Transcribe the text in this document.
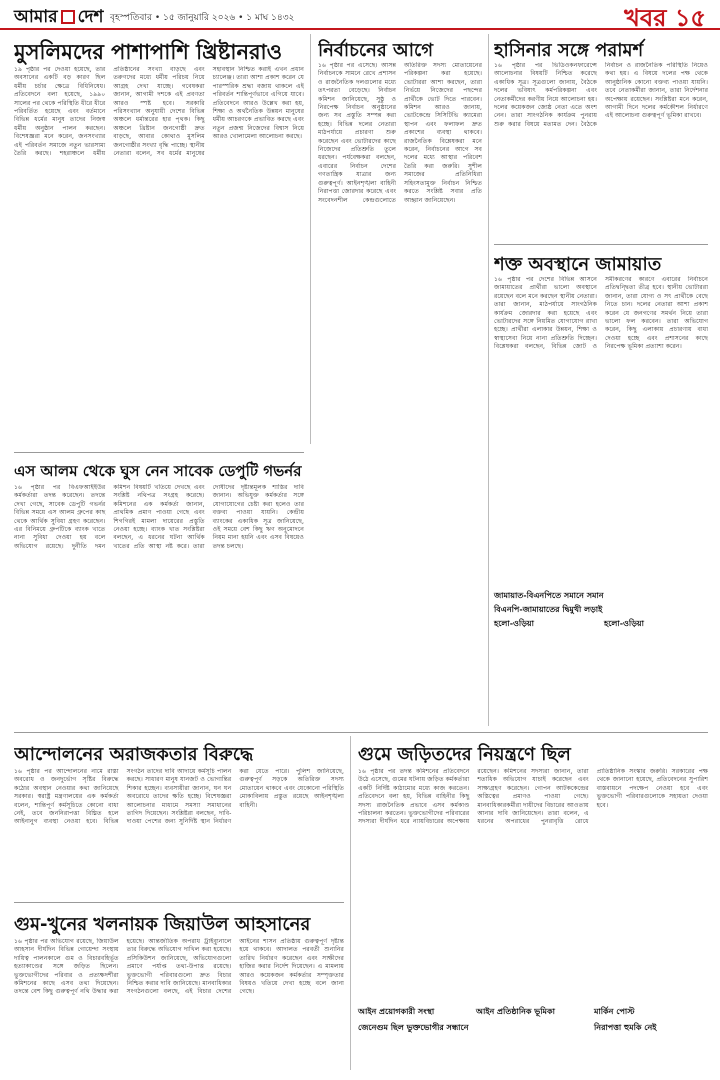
আমার দেশ বৃহস্পতিবার • ১৫ জানুয়ারি ২০২৬ • ১ মাঘ ১৪৩২	খবর ১৫
মুসলিমদের পাশাপাশি খ্রিষ্টানরাও
১৯ পৃষ্ঠার পর দেওয়া হয়েছে, তার অবসানের একটি বড় কারণ ছিল ধর্মীয় চর্চার ক্ষেত্রে বিধিনিষেধ। প্রতিবেদনে বলা হয়েছে, ১৯৯০ সালের পর থেকে পরিস্থিতি ধীরে ধীরে পরিবর্তিত হয়েছে এবং বর্তমানে বিভিন্ন ধর্মের মানুষ তাদের নিজস্ব ধর্মীয় অনুষ্ঠান পালন করছেন। বিশেষজ্ঞরা মনে করেন, জনসংখ্যার এই পরিবর্তন সমাজে নতুন ভারসাম্য তৈরি করছে। শহরাঞ্চলে ধর্মীয় প্রতিষ্ঠানের সংখ্যা বাড়ছে এবং তরুণদের মধ্যে ধর্মীয় পরিচয় নিয়ে আগ্রহ দেখা যাচ্ছে। গবেষকরা জানান, আগামী দশকে এই প্রবণতা আরও স্পষ্ট হবে। সরকারি পরিসংখ্যান অনুযায়ী দেশের বিভিন্ন অঞ্চলে ধর্মান্তরের হার পৃথক। কিছু অঞ্চলে খ্রিষ্টান জনগোষ্ঠী দ্রুত বাড়ছে, আবার কোথাও মুসলিম জনগোষ্ঠীর সংখ্যা বৃদ্ধি পাচ্ছে। স্থানীয় নেতারা বলেন, সব ধর্মের মানুষের সহাবস্থান নিশ্চিত করাই এখন প্রধান চ্যালেঞ্জ। তারা আশা প্রকাশ করেন যে পারস্পরিক শ্রদ্ধা বজায় থাকলে এই পরিবর্তন শান্তিপূর্ণভাবে এগিয়ে যাবে। প্রতিবেদনে আরও উল্লেখ করা হয়, শিক্ষা ও অর্থনৈতিক উন্নয়ন মানুষের ধর্মীয় আচরণকে প্রভাবিত করছে এবং নতুন প্রজন্ম নিজেদের বিশ্বাস নিয়ে আরও খোলামেলা আলোচনা করছে।
নির্বাচনের আগে
১৬ পৃষ্ঠার পর এসেছে। আসন্ন নির্বাচনকে সামনে রেখে প্রশাসন ও রাজনৈতিক দলগুলোর মধ্যে তৎপরতা বেড়েছে। নির্বাচন কমিশন জানিয়েছে, সুষ্ঠু ও নিরপেক্ষ নির্বাচন অনুষ্ঠানের জন্য সব প্রস্তুতি সম্পন্ন করা হচ্ছে। বিভিন্ন দলের নেতারা মাঠপর্যায়ে প্রচারণা শুরু করেছেন এবং ভোটারদের কাছে নিজেদের প্রতিশ্রুতি তুলে ধরছেন। পর্যবেক্ষকরা বলছেন, এবারের নির্বাচন দেশের গণতান্ত্রিক যাত্রার জন্য গুরুত্বপূর্ণ। আইনশৃঙ্খলা বাহিনী নিরাপত্তা জোরদার করেছে এবং সংবেদনশীল কেন্দ্রগুলোতে অতিরিক্ত সদস্য মোতায়েনের পরিকল্পনা করা হয়েছে। ভোটাররা আশা করছেন, তারা নির্ভয়ে নিজেদের পছন্দের প্রার্থীকে ভোট দিতে পারবেন। কমিশন আরও জানায়, ভোটকেন্দ্রে সিসিটিভি ক্যামেরা স্থাপন এবং ফলাফল দ্রুত প্রকাশের ব্যবস্থা থাকবে। রাজনৈতিক বিশ্লেষকরা মনে করেন, নির্বাচনের আগে সব দলের মধ্যে আস্থার পরিবেশ তৈরি করা জরুরি। সুশীল সমাজের প্রতিনিধিরা সহিংসতামুক্ত নির্বাচন নিশ্চিত করতে সংশ্লিষ্ট সবার প্রতি আহ্বান জানিয়েছেন।
হাসিনার সঙ্গে পরামর্শ
১৬ পৃষ্ঠার পর ভিডিওকনফারেন্সে আলোচনার বিষয়টি নিশ্চিত করেছে একাধিক সূত্র। সূত্রগুলো জানায়, বৈঠকে দলের ভবিষ্যৎ কর্মপরিকল্পনা এবং নেতাকর্মীদের করণীয় নিয়ে আলোচনা হয়। দলের কয়েকজন জ্যেষ্ঠ নেতা এতে অংশ নেন। তারা সাংগঠনিক কার্যক্রম পুনরায় শুরু করার বিষয়ে মতামত দেন। বৈঠকে নির্বাচন ও রাজনৈতিক পরিস্থিতি নিয়েও কথা হয়। এ বিষয়ে দলের পক্ষ থেকে আনুষ্ঠানিক কোনো বক্তব্য পাওয়া যায়নি। তবে নেতাকর্মীরা জানান, তারা নির্দেশনার অপেক্ষায় রয়েছেন। সংশ্লিষ্টরা মনে করেন, আগামী দিনে দলের কর্মকৌশল নির্ধারণে এই আলোচনা গুরুত্বপূর্ণ ভূমিকা রাখবে।
শক্ত অবস্থানে জামায়াত
১৬ পৃষ্ঠার পর দেশের বিভিন্ন আসনে জামায়াতের প্রার্থীরা ভালো অবস্থানে রয়েছেন বলে মনে করছেন স্থানীয় নেতারা। তারা জানান, মাঠপর্যায়ে সাংগঠনিক কার্যক্রম জোরদার করা হয়েছে এবং ভোটারদের সঙ্গে নিয়মিত যোগাযোগ রাখা হচ্ছে। প্রার্থীরা এলাকার উন্নয়ন, শিক্ষা ও স্বাস্থ্যসেবা নিয়ে নানা প্রতিশ্রুতি দিচ্ছেন। বিশ্লেষকরা বলছেন, বিভিন্ন জোট ও সমীকরণের কারণে এবারের নির্বাচনে প্রতিদ্বন্দ্বিতা তীব্র হবে। স্থানীয় ভোটাররা জানান, তারা যোগ্য ও সৎ প্রার্থীকে বেছে নিতে চান। দলের নেতারা আশা প্রকাশ করেন যে জনগণের সমর্থন নিয়ে তারা ভালো ফল করবেন। তারা অভিযোগ করেন, কিছু এলাকায় প্রচারণায় বাধা দেওয়া হচ্ছে এবং প্রশাসনের কাছে নিরপেক্ষ ভূমিকা প্রত্যাশা করেন।
জামায়াত-বিএনপিতে সমানে সমান
বিএনপি-জামায়াতের দ্বিমুখী লড়াই
হলো-ওড়িয়া	হলো-ওড়িয়া
এস আলম থেকে ঘুস নেন সাবেক ডেপুটি গভর্নর
১৬ পৃষ্ঠার পর বিএফআইইউর কর্মকর্তারা তদন্ত করেছেন। তদন্তে দেখা গেছে, সাবেক ডেপুটি গভর্নর বিভিন্ন সময়ে এস আলম গ্রুপের কাছ থেকে আর্থিক সুবিধা গ্রহণ করেছেন। এর বিনিময়ে গ্রুপটিকে ব্যাংক খাতে নানা সুবিধা দেওয়া হয় বলে অভিযোগ রয়েছে। দুর্নীতি দমন কমিশন বিষয়টি খতিয়ে দেখছে এবং সংশ্লিষ্ট নথিপত্র সংগ্রহ করেছে। কমিশনের এক কর্মকর্তা জানান, প্রাথমিক প্রমাণ পাওয়া গেছে এবং শিগগিরই মামলা দায়েরের প্রস্তুতি নেওয়া হচ্ছে। ব্যাংক খাত সংশ্লিষ্টরা বলছেন, এ ধরনের ঘটনা আর্থিক খাতের প্রতি আস্থা নষ্ট করে। তারা দোষীদের দৃষ্টান্তমূলক শাস্তির দাবি জানান। অভিযুক্ত কর্মকর্তার সঙ্গে যোগাযোগের চেষ্টা করা হলেও তার বক্তব্য পাওয়া যায়নি। কেন্দ্রীয় ব্যাংকের একাধিক সূত্র জানিয়েছে, ওই সময়ে বেশ কিছু ঋণ অনুমোদনে নিয়ম মানা হয়নি এবং এসব বিষয়েও তদন্ত চলছে।
আন্দোলনের অরাজকতার বিরুদ্ধে
১৬ পৃষ্ঠার পর আন্দোলনের নামে রাস্তা অবরোধ ও জনদুর্ভোগ সৃষ্টির বিরুদ্ধে কঠোর অবস্থান নেওয়ার কথা জানিয়েছে সরকার। স্বরাষ্ট্র মন্ত্রণালয়ের এক কর্মকর্তা বলেন, শান্তিপূর্ণ কর্মসূচিতে কোনো বাধা নেই, তবে জননিরাপত্তা বিঘ্নিত হলে আইনানুগ ব্যবস্থা নেওয়া হবে। বিভিন্ন সংগঠন তাদের দাবি আদায়ে কর্মসূচি পালন করছে। সাধারণ মানুষ যানজট ও ভোগান্তির শিকার হচ্ছেন। ব্যবসায়ীরা জানান, ঘন ঘন অবরোধে তাদের ক্ষতি হচ্ছে। বিশেষজ্ঞরা আলোচনার মাধ্যমে সমস্যা সমাধানের তাগিদ দিয়েছেন। সংশ্লিষ্টরা বলছেন, দাবি-দাওয়া পেশের জন্য সুনির্দিষ্ট স্থান নির্ধারণ করা যেতে পারে। পুলিশ জানিয়েছে, গুরুত্বপূর্ণ সড়কে অতিরিক্ত সদস্য মোতায়েন থাকবে এবং যেকোনো পরিস্থিতি মোকাবিলায় প্রস্তুত রয়েছে আইনশৃঙ্খলা বাহিনী।
গুমে জড়িতদের নিয়ন্ত্রণে ছিল
১৬ পৃষ্ঠার পর তদন্ত কমিশনের প্রতিবেদনে উঠে এসেছে, গুমের ঘটনায় জড়িত কর্মকর্তারা একটি নির্দিষ্ট কাঠামোর মধ্যে কাজ করতেন। প্রতিবেদনে বলা হয়, বিভিন্ন বাহিনীর কিছু সদস্য রাজনৈতিক প্রভাবে এসব কর্মকাণ্ড পরিচালনা করতেন। ভুক্তভোগীদের পরিবারের সদস্যরা দীর্ঘদিন ধরে ন্যায়বিচারের অপেক্ষায় রয়েছেন। কমিশনের সদস্যরা জানান, তারা শতাধিক অভিযোগ যাচাই করেছেন এবং সাক্ষ্যগ্রহণ করেছেন। গোপন আটককেন্দ্রের অস্তিত্বের প্রমাণও পাওয়া গেছে। মানবাধিকারকর্মীরা দায়ীদের বিচারের আওতায় আনার দাবি জানিয়েছেন। তারা বলেন, এ ধরনের অপরাধের পুনরাবৃত্তি রোধে প্রাতিষ্ঠানিক সংস্কার জরুরি। সরকারের পক্ষ থেকে জানানো হয়েছে, প্রতিবেদনের সুপারিশ বাস্তবায়নে পদক্ষেপ নেওয়া হবে এবং ভুক্তভোগী পরিবারগুলোকে সহায়তা দেওয়া হবে।
আইন প্রয়োগকারী সংস্থা	আইন প্রতিষ্ঠানিক ভূমিকা	মার্কিন পোস্ট
জেনেগুম ছিল ভুক্তভোগীর সন্ধানে	নিরাপত্তা হুমকি নেই
গুম-খুনের খলনায়ক জিয়াউল আহসানের
১৬ পৃষ্ঠার পর অভিযোগ রয়েছে, জিয়াউল আহসান দীর্ঘদিন বিভিন্ন গোয়েন্দা সংস্থায় দায়িত্ব পালনকালে গুম ও বিচারবহির্ভূত হত্যাকাণ্ডের সঙ্গে জড়িত ছিলেন। ভুক্তভোগীদের পরিবার ও প্রত্যক্ষদর্শীরা কমিশনের কাছে এসব তথ্য দিয়েছেন। তদন্তে বেশ কিছু গুরুত্বপূর্ণ নথি উদ্ধার করা হয়েছে। আন্তর্জাতিক অপরাধ ট্রাইব্যুনালে তার বিরুদ্ধে অভিযোগ দাখিল করা হয়েছে। প্রসিকিউশন জানিয়েছে, অভিযোগগুলো প্রমাণে পর্যাপ্ত তথ্য-উপাত্ত রয়েছে। ভুক্তভোগী পরিবারগুলো দ্রুত বিচার নিশ্চিত করার দাবি জানিয়েছে। মানবাধিকার সংগঠনগুলো বলছে, এই বিচার দেশের আইনের শাসন প্রতিষ্ঠায় গুরুত্বপূর্ণ দৃষ্টান্ত হয়ে থাকবে। আদালত পরবর্তী শুনানির তারিখ নির্ধারণ করেছেন এবং সাক্ষীদের হাজির করার নির্দেশ দিয়েছেন। এ মামলায় আরও কয়েকজন কর্মকর্তার সম্পৃক্ততার বিষয়ও খতিয়ে দেখা হচ্ছে বলে জানা গেছে।
